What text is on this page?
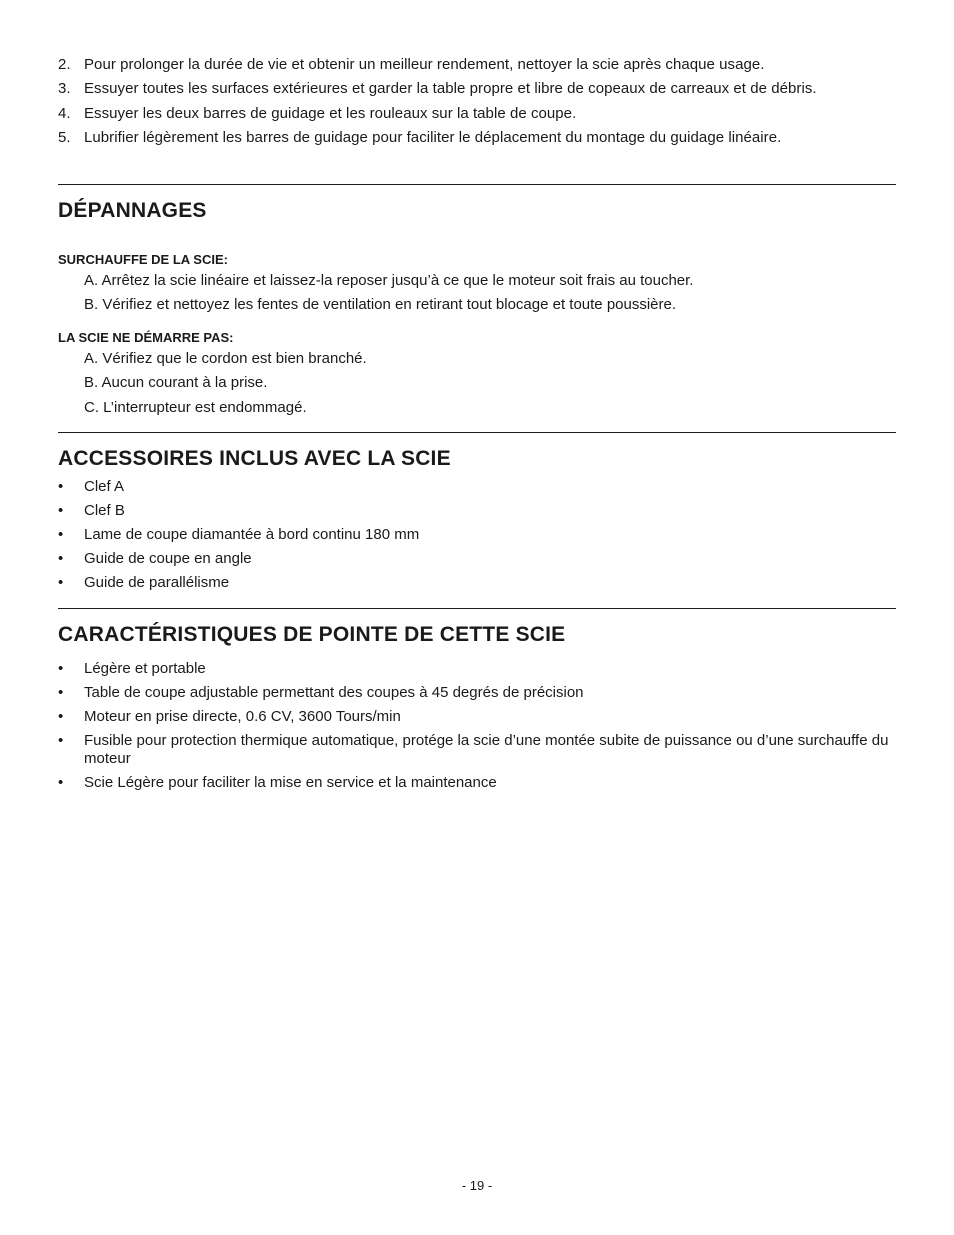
2. Pour prolonger la durée de vie et obtenir un meilleur rendement, nettoyer la scie après chaque usage.
3. Essuyer toutes les surfaces extérieures et garder la table propre et libre de copeaux de carreaux et de débris.
4. Essuyer les deux barres de guidage et les rouleaux sur la table de coupe.
5. Lubrifier légèrement les barres de guidage pour faciliter le déplacement du montage du guidage linéaire.
DÉPANNAGES
SURCHAUFFE DE LA SCIE:
A. Arrêtez la scie linéaire et laissez-la reposer jusqu’à ce que le moteur soit frais au toucher.
B. Vérifiez et nettoyez les fentes de ventilation en retirant tout blocage et toute poussière.
LA SCIE NE DÉMARRE PAS:
A. Vérifiez que le cordon est bien branché.
B. Aucun courant à la prise.
C. L’interrupteur est endommagé.
ACCESSOIRES INCLUS AVEC LA SCIE
• Clef A
• Clef B
• Lame de coupe diamantée à bord continu 180 mm
• Guide de coupe en angle
• Guide de parallélisme
CARACTÉRISTIQUES DE POINTE DE CETTE SCIE
• Légère et portable
• Table de coupe adjustable permettant des coupes à 45 degrés de précision
• Moteur en prise directe, 0.6 CV, 3600 Tours/min
• Fusible pour protection thermique automatique, protége la scie d’une montée subite de puissance ou d’une surchauffe du moteur
• Scie Légère pour faciliter la mise en service et la maintenance
- 19 -
